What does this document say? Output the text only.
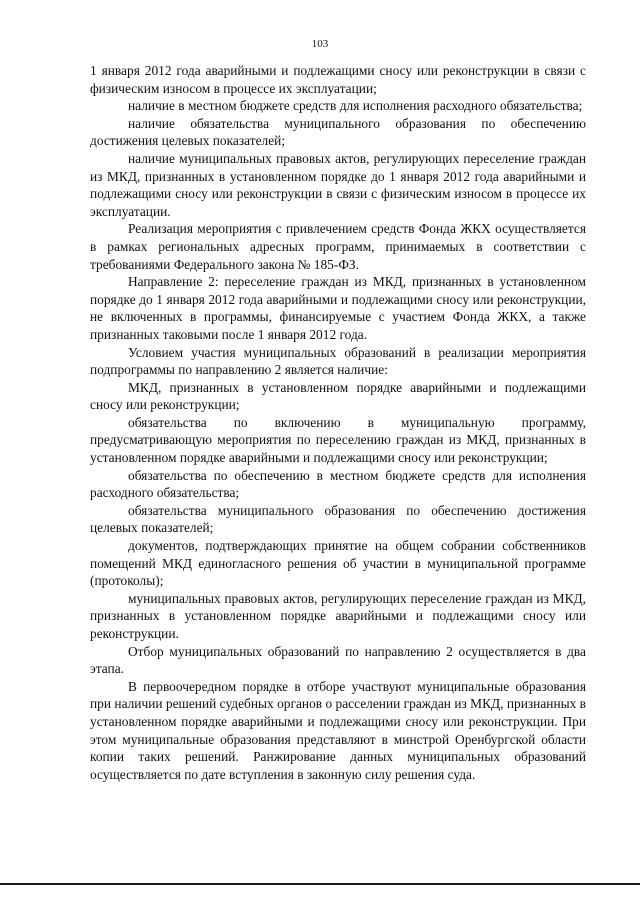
103

1 января 2012 года аварийными и подлежащими сносу или реконструкции в связи с физическим износом в процессе их эксплуатации;

наличие в местном бюджете средств для исполнения расходного обязательства;

наличие обязательства муниципального образования по обеспечению достижения целевых показателей;

наличие муниципальных правовых актов, регулирующих переселение граждан из МКД, признанных в установленном порядке до 1 января 2012 года аварийными и подлежащими сносу или реконструкции в связи с физическим износом в процессе их эксплуатации.

Реализация мероприятия с привлечением средств Фонда ЖКХ осуществляется в рамках региональных адресных программ, принимаемых в соответствии с требованиями Федерального закона № 185-ФЗ.

Направление 2: переселение граждан из МКД, признанных в установленном порядке до 1 января 2012 года аварийными и подлежащими сносу или реконструкции, не включенных в программы, финансируемые с участием Фонда ЖКХ, а также признанных таковыми после 1 января 2012 года.

Условием участия муниципальных образований в реализации мероприятия подпрограммы по направлению 2 является наличие:

МКД, признанных в установленном порядке аварийными и подлежащими сносу или реконструкции;

обязательства по включению в муниципальную программу, предусматривающую мероприятия по переселению граждан из МКД, признанных в установленном порядке аварийными и подлежащими сносу или реконструкции;

обязательства по обеспечению в местном бюджете средств для исполнения расходного обязательства;

обязательства муниципального образования по обеспечению достижения целевых показателей;

документов, подтверждающих принятие на общем собрании собственников помещений МКД единогласного решения об участии в муниципальной программе (протоколы);

муниципальных правовых актов, регулирующих переселение граждан из МКД, признанных в установленном порядке аварийными и подлежащими сносу или реконструкции.

Отбор муниципальных образований по направлению 2 осуществляется в два этапа.

В первоочередном порядке в отборе участвуют муниципальные образования при наличии решений судебных органов о расселении граждан из МКД, признанных в установленном порядке аварийными и подлежащими сносу или реконструкции. При этом муниципальные образования представляют в минстрой Оренбургской области копии таких решений. Ранжирование данных муниципальных образований осуществляется по дате вступления в законную силу решения суда.
